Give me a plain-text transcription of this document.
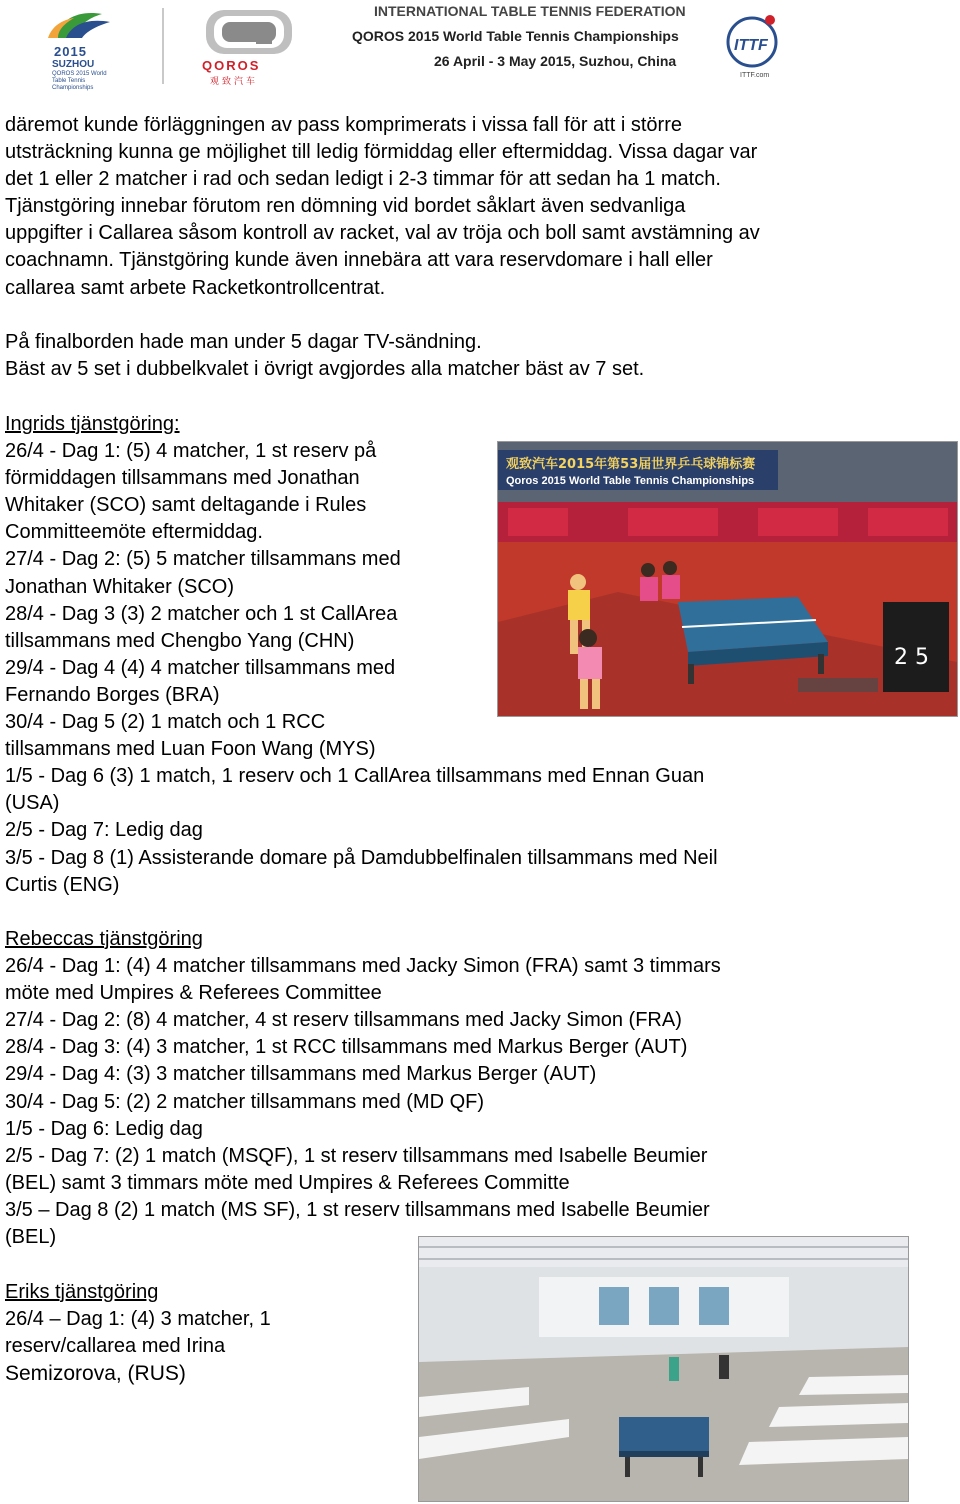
2015
SUZHOU
QOROS 2015 World Table Tennis Championships
QOROS
观致汽车
INTERNATIONAL TABLE TENNIS FEDERATION
QOROS 2015 World Table Tennis Championships
26 April - 3 May 2015, Suzhou, China
ITTF
ITTF.com
däremot kunde förläggningen av pass komprimerats i vissa fall för att i större
utsträckning kunna ge möjlighet till ledig förmiddag eller eftermiddag. Vissa dagar var
det 1 eller 2 matcher i rad och sedan ledigt i 2-3 timmar för att sedan ha 1 match.
Tjänstgöring innebar förutom ren dömning vid bordet såklart även sedvanliga
uppgifter i Callarea såsom kontroll av racket, val av tröja och boll samt avstämning av
coachnamn. Tjänstgöring kunde även innebära att vara reservdomare i hall eller
callarea samt arbete Racketkontrollcentrat.
På finalborden hade man under 5 dagar TV-sändning.
Bäst av 5 set i dubbelkvalet i övrigt avgjordes alla matcher bäst av 7 set.
Ingrids tjänstgöring:
26/4 - Dag 1: (5) 4 matcher, 1 st reserv på
förmiddagen tillsammans med Jonathan
Whitaker (SCO) samt deltagande i Rules
Committeemöte eftermiddag.
27/4 - Dag 2: (5) 5 matcher tillsammans med
Jonathan Whitaker (SCO)
28/4 - Dag 3 (3) 2 matcher och 1 st CallArea
tillsammans med Chengbo Yang (CHN)
29/4 - Dag 4 (4) 4 matcher tillsammans med
Fernando Borges (BRA)
30/4 - Dag 5 (2) 1 match och 1 RCC
tillsammans med Luan Foon Wang (MYS)
1/5 - Dag 6 (3) 1 match, 1 reserv och 1 CallArea tillsammans med Ennan Guan
(USA)
2/5 - Dag 7: Ledig dag
3/5 - Dag 8 (1) Assisterande domare på Damdubbelfinalen tillsammans med Neil
Curtis (ENG)
观致汽车2015年第53届世界乒乓球锦标赛
Qoros 2015 World Table Tennis Championships
2 5
Rebeccas tjänstgöring
26/4 - Dag 1: (4) 4 matcher tillsammans med Jacky Simon (FRA) samt 3 timmars
möte med Umpires & Referees Committee
27/4 - Dag 2: (8) 4 matcher, 4 st reserv tillsammans med Jacky Simon (FRA)
28/4 - Dag 3: (4) 3 matcher, 1 st RCC tillsammans med Markus Berger (AUT)
29/4 - Dag 4: (3) 3 matcher tillsammans med Markus Berger (AUT)
30/4 - Dag 5: (2) 2 matcher tillsammans med (MD QF)
1/5 - Dag 6: Ledig dag
2/5 - Dag 7: (2) 1 match (MSQF), 1 st reserv tillsammans med Isabelle Beumier
(BEL) samt 3 timmars möte med Umpires & Referees Committe
3/5 – Dag 8 (2) 1 match (MS SF), 1 st reserv tillsammans med Isabelle Beumier
(BEL)
Eriks tjänstgöring
26/4 – Dag 1: (4) 3 matcher, 1
reserv/callarea med Irina
Semizorova, (RUS)
